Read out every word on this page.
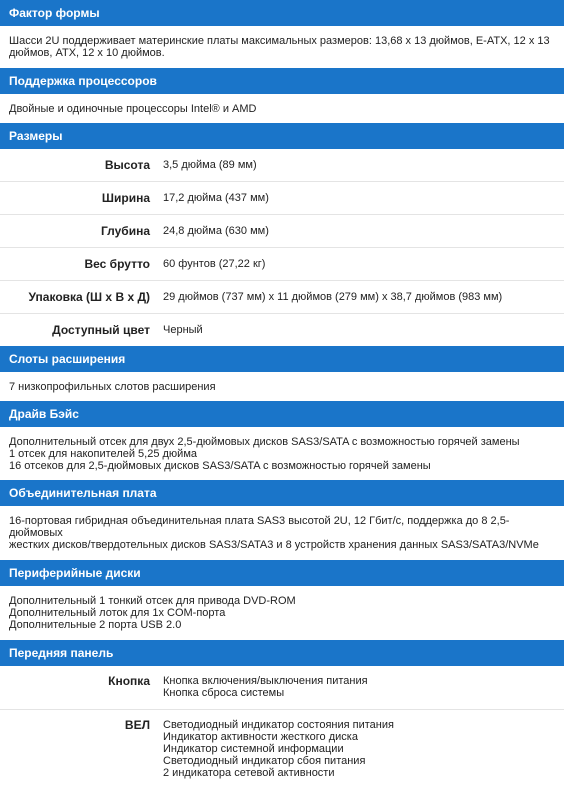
Фактор формы
Шасси 2U поддерживает материнские платы максимальных размеров: 13,68 x 13 дюймов, E-ATX, 12 x 13
дюймов, ATX, 12 x 10 дюймов.
Поддержка процессоров
Двойные и одиночные процессоры Intel® и AMD
Размеры
Высота	3,5 дюйма (89 мм)
Ширина	17,2 дюйма (437 мм)
Глубина	24,8 дюйма (630 мм)
Вес брутто	60 фунтов (27,22 кг)
Упаковка (Ш x В x Д)	29 дюймов (737 мм) x 11 дюймов (279 мм) x 38,7 дюймов (983 мм)
Доступный цвет	Черный
Слоты расширения
7 низкопрофильных слотов расширения
Драйв Бэйс
Дополнительный отсек для двух 2,5-дюймовых дисков SAS3/SATA с возможностью горячей замены
1 отсек для накопителей 5,25 дюйма
16 отсеков для 2,5-дюймовых дисков SAS3/SATA с возможностью горячей замены
Объединительная плата
16-портовая гибридная объединительная плата SAS3 высотой 2U, 12 Гбит/с, поддержка до 8 2,5-дюймовых
жестких дисков/твердотельных дисков SAS3/SATA3 и 8 устройств хранения данных SAS3/SATA3/NVMe
Периферийные диски
Дополнительный 1 тонкий отсек для привода DVD-ROM
Дополнительный лоток для 1x COM-порта
Дополнительные 2 порта USB 2.0
Передняя панель
Кнопка	Кнопка включения/выключения питания
Кнопка сброса системы
ВЕЛ	Светодиодный индикатор состояния питания
Индикатор активности жесткого диска
Индикатор системной информации
Светодиодный индикатор сбоя питания
2 индикатора сетевой активности
